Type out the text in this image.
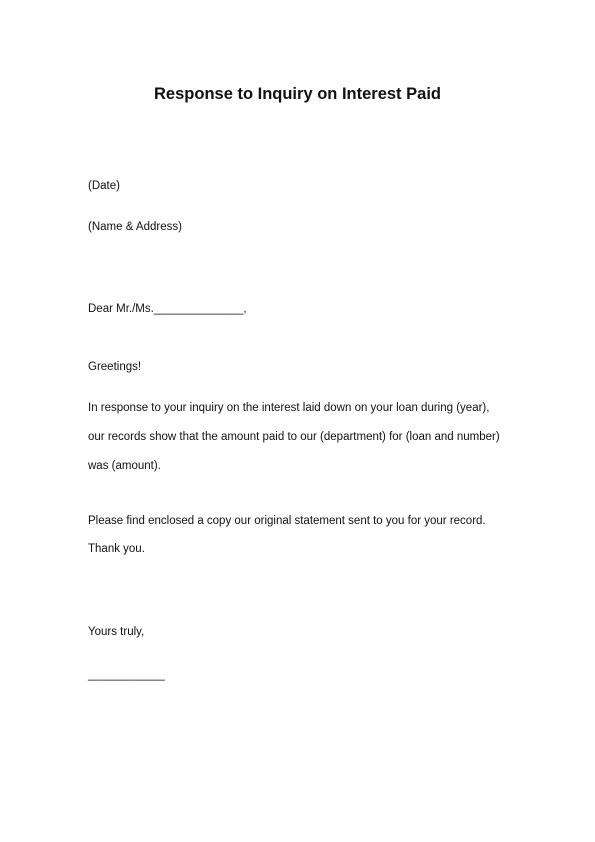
Response to Inquiry on Interest Paid
(Date)
(Name & Address)
Dear Mr./Ms.______________,
Greetings!
In response to your inquiry on the interest laid down on your loan during (year),
our records show that the amount paid to our (department) for (loan and number)
was (amount).
Please find enclosed a copy our original statement sent to you for your record.
Thank you.
Yours truly,
____________
